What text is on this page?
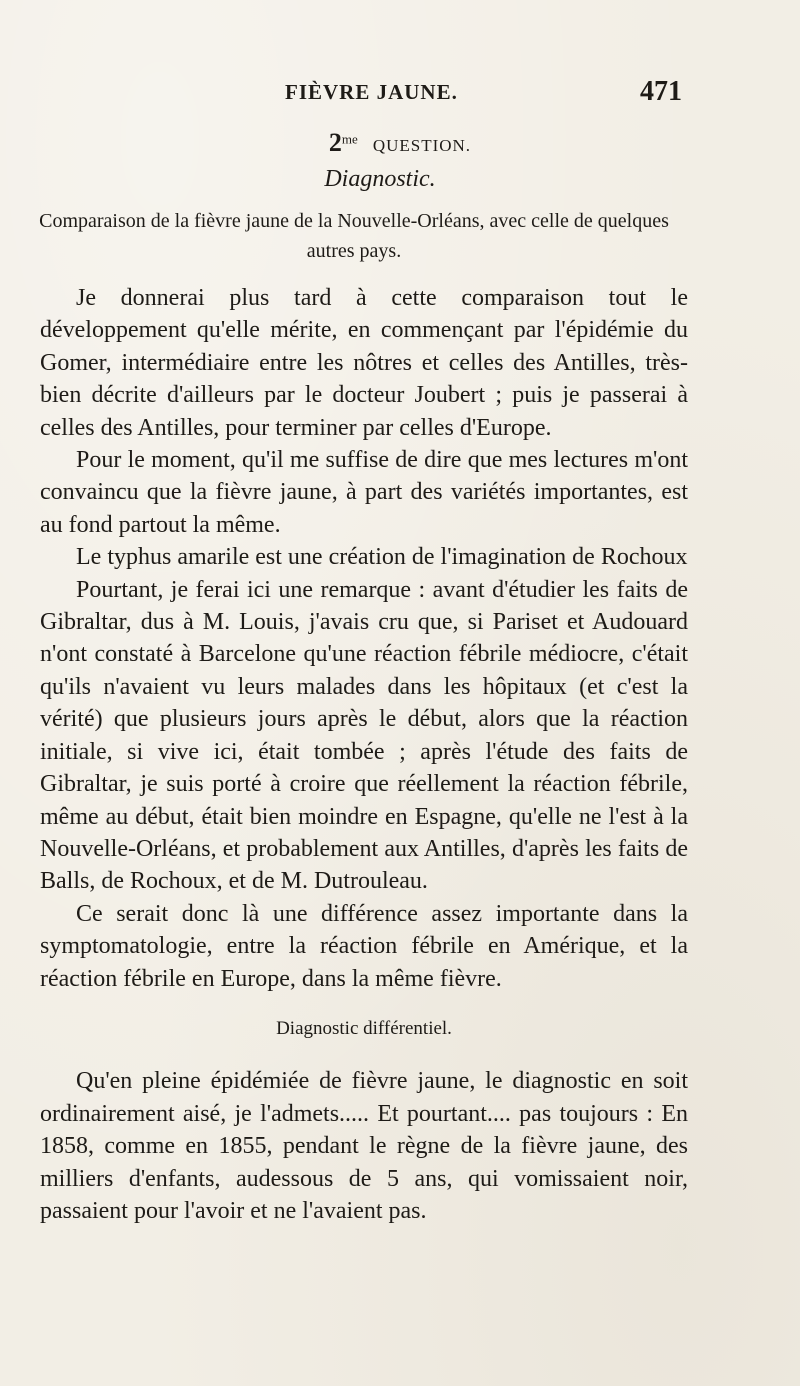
FIÈVRE JAUNE.	471
$2^{me}$ QUESTION.
Diagnostic.
Comparaison de la fièvre jaune de la Nouvelle-Orléans, avec celle de quelques autres pays.

Je donnerai plus tard à cette comparaison tout le développement qu'elle mérite, en commençant par l'épidémie du Gomer, intermédiaire entre les nôtres et celles des Antilles, très-bien décrite d'ailleurs par le docteur Joubert ; puis je passerai à celles des Antilles, pour terminer par celles d'Europe.

Pour le moment, qu'il me suffise de dire que mes lectures m'ont convaincu que la fièvre jaune, à part des variétés importantes, est au fond partout la même.

Le typhus amarile est une création de l'imagination de Rochoux

Pourtant, je ferai ici une remarque : avant d'étudier les faits de Gibraltar, dus à M. Louis, j'avais cru que, si Pariset et Audouard n'ont constaté à Barcelone qu'une réaction fébrile médiocre, c'était qu'ils n'avaient vu leurs malades dans les hôpitaux (et c'est la vérité) que plusieurs jours après le début, alors que la réaction initiale, si vive ici, était tombée ; après l'étude des faits de Gibraltar, je suis porté à croire que réellement la réaction fébrile, même au début, était bien moindre en Espagne, qu'elle ne l'est à la Nouvelle-Orléans, et probablement aux Antilles, d'après les faits de Balls, de Rochoux, et de M. Dutrouleau.

Ce serait donc là une différence assez importante dans la symptomatologie, entre la réaction fébrile en Amérique, et la réaction fébrile en Europe, dans la même fièvre.

Diagnostic différentiel.

Qu'en pleine épidémiée de fièvre jaune, le diagnostic en soit ordinairement aisé, je l'admets..... Et pourtant.... pas toujours : En 1858, comme en 1855, pendant le règne de la fièvre jaune, des milliers d'enfants, audessous de 5 ans, qui vomissaient noir, passaient pour l'avoir et ne l'avaient pas.
